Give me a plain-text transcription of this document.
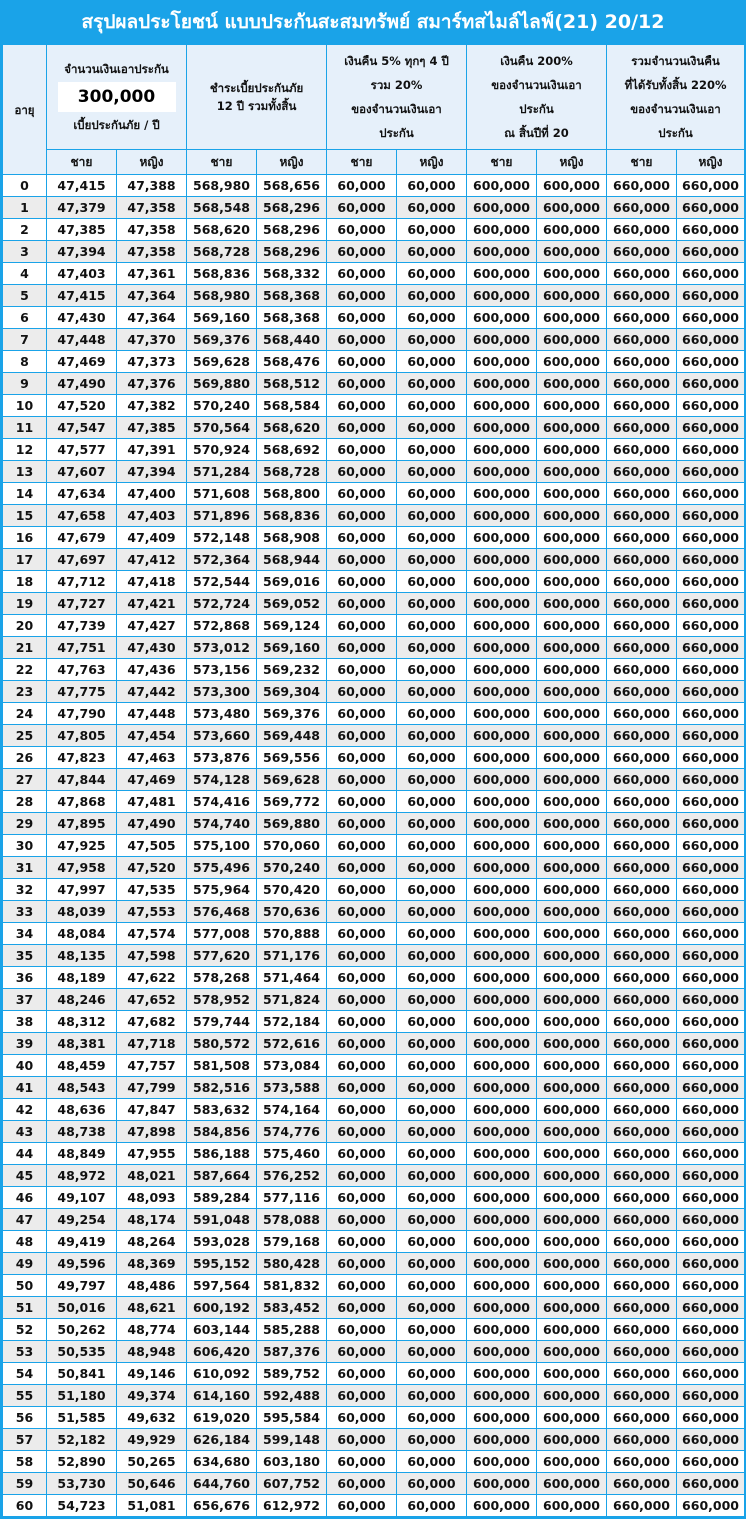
สรุปผลประโยชน์ แบบประกันสะสมทรัพย์ สมาร์ทสไมล์ไลฟ์(21) 20/12
อายุ	จำนวนเงินเอาประกัน
300,000
เบี้ยประกันภัย / ปี		ชำระเบี้ยประกันภัย
12 ปี รวมทั้งสิ้น		เงินคืน 5% ทุกๆ 4 ปี
รวม 20%
ของจำนวนเงินเอา
ประกัน		เงินคืน 200%
ของจำนวนเงินเอา
ประกัน
ณ สิ้นปีที่ 20		รวมจำนวนเงินคืน
ที่ได้รับทั้งสิ้น 220%
ของจำนวนเงินเอา
ประกัน	

	ชาย	หญิง	ชาย	หญิง	ชาย	หญิง	ชาย	หญิง	ชาย	หญิง
0	47,415	47,388	568,980	568,656	60,000	60,000	600,000	600,000	660,000	660,000
1	47,379	47,358	568,548	568,296	60,000	60,000	600,000	600,000	660,000	660,000
2	47,385	47,358	568,620	568,296	60,000	60,000	600,000	600,000	660,000	660,000
3	47,394	47,358	568,728	568,296	60,000	60,000	600,000	600,000	660,000	660,000
4	47,403	47,361	568,836	568,332	60,000	60,000	600,000	600,000	660,000	660,000
5	47,415	47,364	568,980	568,368	60,000	60,000	600,000	600,000	660,000	660,000
6	47,430	47,364	569,160	568,368	60,000	60,000	600,000	600,000	660,000	660,000
7	47,448	47,370	569,376	568,440	60,000	60,000	600,000	600,000	660,000	660,000
8	47,469	47,373	569,628	568,476	60,000	60,000	600,000	600,000	660,000	660,000
9	47,490	47,376	569,880	568,512	60,000	60,000	600,000	600,000	660,000	660,000
10	47,520	47,382	570,240	568,584	60,000	60,000	600,000	600,000	660,000	660,000
11	47,547	47,385	570,564	568,620	60,000	60,000	600,000	600,000	660,000	660,000
12	47,577	47,391	570,924	568,692	60,000	60,000	600,000	600,000	660,000	660,000
13	47,607	47,394	571,284	568,728	60,000	60,000	600,000	600,000	660,000	660,000
14	47,634	47,400	571,608	568,800	60,000	60,000	600,000	600,000	660,000	660,000
15	47,658	47,403	571,896	568,836	60,000	60,000	600,000	600,000	660,000	660,000
16	47,679	47,409	572,148	568,908	60,000	60,000	600,000	600,000	660,000	660,000
17	47,697	47,412	572,364	568,944	60,000	60,000	600,000	600,000	660,000	660,000
18	47,712	47,418	572,544	569,016	60,000	60,000	600,000	600,000	660,000	660,000
19	47,727	47,421	572,724	569,052	60,000	60,000	600,000	600,000	660,000	660,000
20	47,739	47,427	572,868	569,124	60,000	60,000	600,000	600,000	660,000	660,000
21	47,751	47,430	573,012	569,160	60,000	60,000	600,000	600,000	660,000	660,000
22	47,763	47,436	573,156	569,232	60,000	60,000	600,000	600,000	660,000	660,000
23	47,775	47,442	573,300	569,304	60,000	60,000	600,000	600,000	660,000	660,000
24	47,790	47,448	573,480	569,376	60,000	60,000	600,000	600,000	660,000	660,000
25	47,805	47,454	573,660	569,448	60,000	60,000	600,000	600,000	660,000	660,000
26	47,823	47,463	573,876	569,556	60,000	60,000	600,000	600,000	660,000	660,000
27	47,844	47,469	574,128	569,628	60,000	60,000	600,000	600,000	660,000	660,000
28	47,868	47,481	574,416	569,772	60,000	60,000	600,000	600,000	660,000	660,000
29	47,895	47,490	574,740	569,880	60,000	60,000	600,000	600,000	660,000	660,000
30	47,925	47,505	575,100	570,060	60,000	60,000	600,000	600,000	660,000	660,000
31	47,958	47,520	575,496	570,240	60,000	60,000	600,000	600,000	660,000	660,000
32	47,997	47,535	575,964	570,420	60,000	60,000	600,000	600,000	660,000	660,000
33	48,039	47,553	576,468	570,636	60,000	60,000	600,000	600,000	660,000	660,000
34	48,084	47,574	577,008	570,888	60,000	60,000	600,000	600,000	660,000	660,000
35	48,135	47,598	577,620	571,176	60,000	60,000	600,000	600,000	660,000	660,000
36	48,189	47,622	578,268	571,464	60,000	60,000	600,000	600,000	660,000	660,000
37	48,246	47,652	578,952	571,824	60,000	60,000	600,000	600,000	660,000	660,000
38	48,312	47,682	579,744	572,184	60,000	60,000	600,000	600,000	660,000	660,000
39	48,381	47,718	580,572	572,616	60,000	60,000	600,000	600,000	660,000	660,000
40	48,459	47,757	581,508	573,084	60,000	60,000	600,000	600,000	660,000	660,000
41	48,543	47,799	582,516	573,588	60,000	60,000	600,000	600,000	660,000	660,000
42	48,636	47,847	583,632	574,164	60,000	60,000	600,000	600,000	660,000	660,000
43	48,738	47,898	584,856	574,776	60,000	60,000	600,000	600,000	660,000	660,000
44	48,849	47,955	586,188	575,460	60,000	60,000	600,000	600,000	660,000	660,000
45	48,972	48,021	587,664	576,252	60,000	60,000	600,000	600,000	660,000	660,000
46	49,107	48,093	589,284	577,116	60,000	60,000	600,000	600,000	660,000	660,000
47	49,254	48,174	591,048	578,088	60,000	60,000	600,000	600,000	660,000	660,000
48	49,419	48,264	593,028	579,168	60,000	60,000	600,000	600,000	660,000	660,000
49	49,596	48,369	595,152	580,428	60,000	60,000	600,000	600,000	660,000	660,000
50	49,797	48,486	597,564	581,832	60,000	60,000	600,000	600,000	660,000	660,000
51	50,016	48,621	600,192	583,452	60,000	60,000	600,000	600,000	660,000	660,000
52	50,262	48,774	603,144	585,288	60,000	60,000	600,000	600,000	660,000	660,000
53	50,535	48,948	606,420	587,376	60,000	60,000	600,000	600,000	660,000	660,000
54	50,841	49,146	610,092	589,752	60,000	60,000	600,000	600,000	660,000	660,000
55	51,180	49,374	614,160	592,488	60,000	60,000	600,000	600,000	660,000	660,000
56	51,585	49,632	619,020	595,584	60,000	60,000	600,000	600,000	660,000	660,000
57	52,182	49,929	626,184	599,148	60,000	60,000	600,000	600,000	660,000	660,000
58	52,890	50,265	634,680	603,180	60,000	60,000	600,000	600,000	660,000	660,000
59	53,730	50,646	644,760	607,752	60,000	60,000	600,000	600,000	660,000	660,000
60	54,723	51,081	656,676	612,972	60,000	60,000	600,000	600,000	660,000	660,000
